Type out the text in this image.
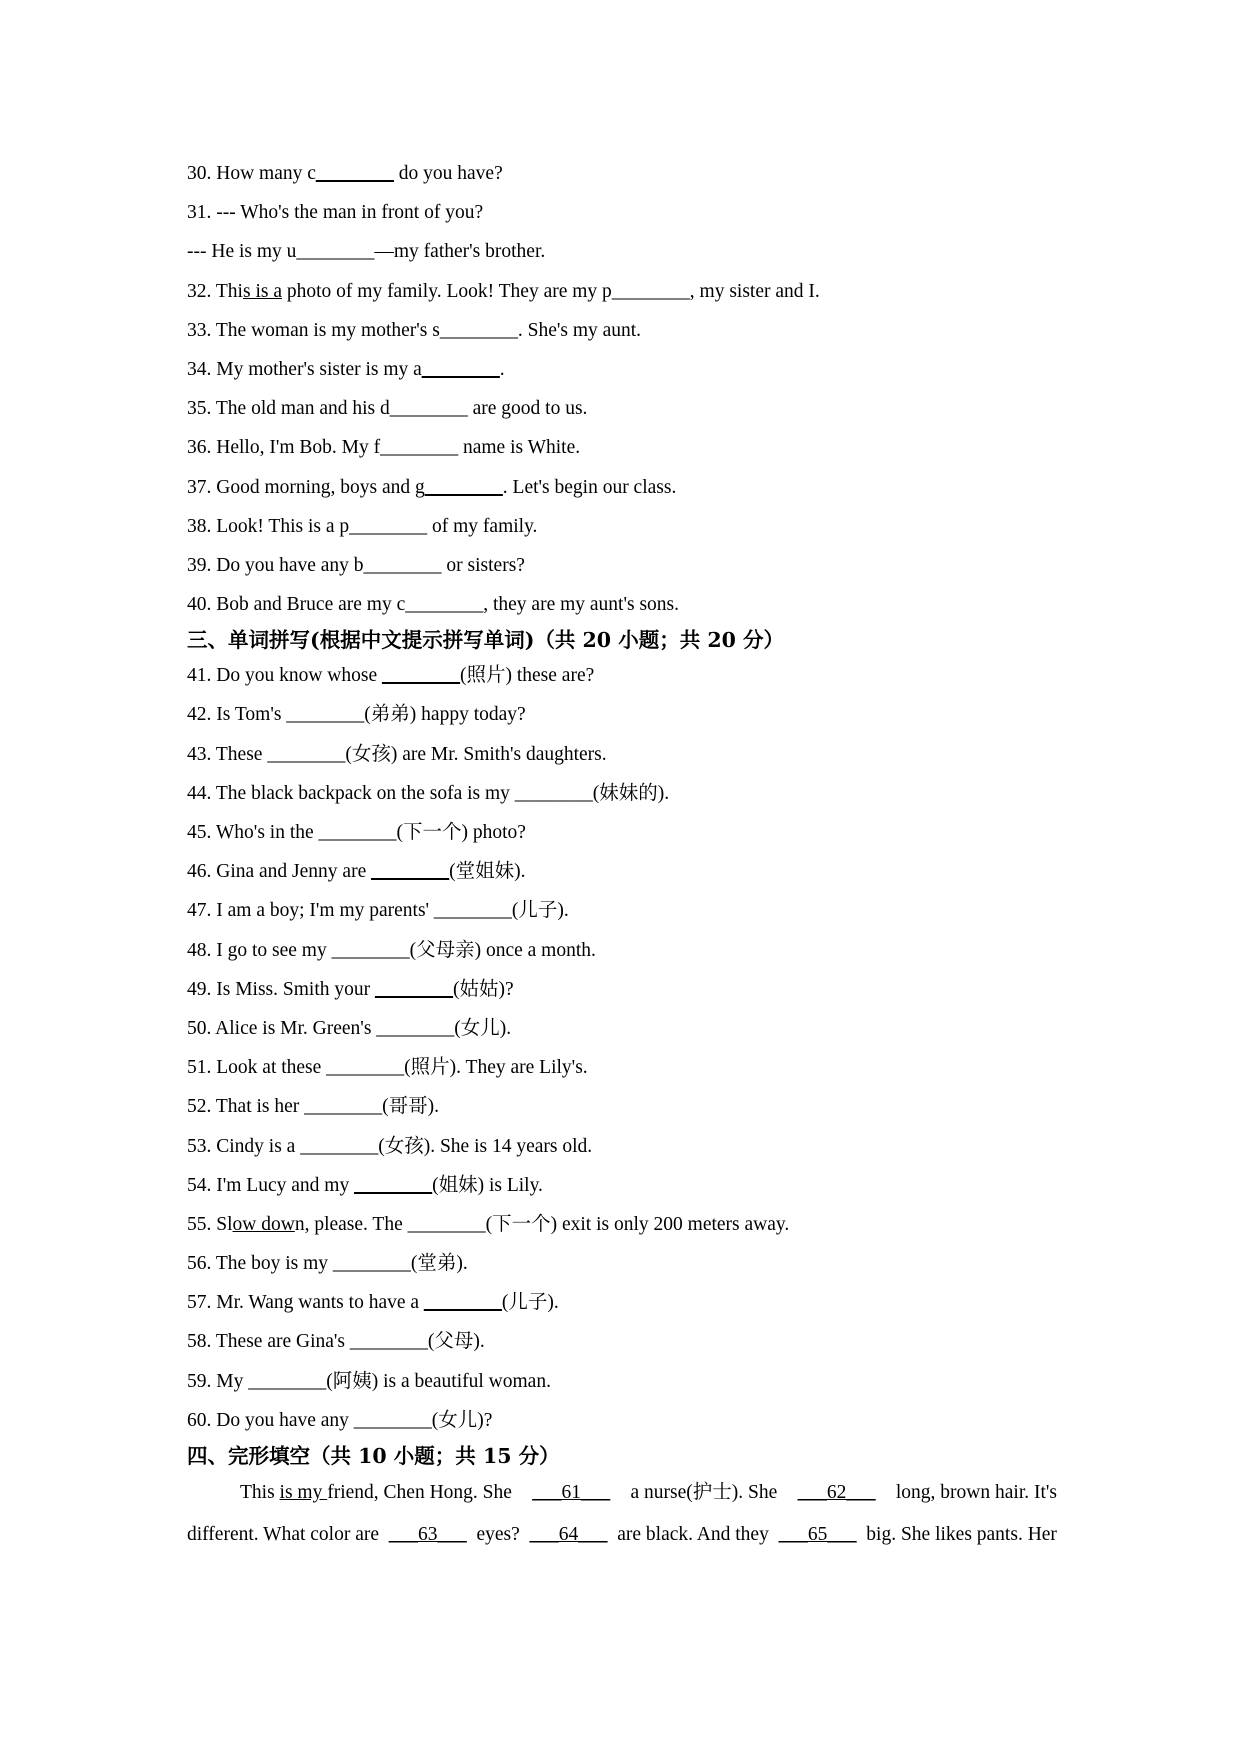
30. How many c________ do you have?
31. --- Who's the man in front of you?
--- He is my u________—my father's brother.
32. This is a photo of my family. Look! They are my p________, my sister and I.
33. The woman is my mother's s________. She's my aunt.
34. My mother's sister is my a________.
35. The old man and his d________ are good to us.
36. Hello, I'm Bob. My f________ name is White.
37. Good morning, boys and g________. Let's begin our class.
38. Look! This is a p________ of my family.
39. Do you have any b________ or sisters?
40. Bob and Bruce are my c________, they are my aunt's sons.
三、单词拼写(根据中文提示拼写单词)（共 20 小题；共 20 分）
41. Do you know whose ________(照片) these are?
42. Is Tom's ________(弟弟) happy today?
43. These ________(女孩) are Mr. Smith's daughters.
44. The black backpack on the sofa is my ________(妹妹的).
45. Who's in the ________(下一个) photo?
46. Gina and Jenny are ________(堂姐妹).
47. I am a boy; I'm my parents' ________(儿子).
48. I go to see my ________(父母亲) once a month.
49. Is Miss. Smith your ________(姑姑)?
50. Alice is Mr. Green's ________(女儿).
51. Look at these ________(照片). They are Lily's.
52. That is her ________(哥哥).
53. Cindy is a ________(女孩). She is 14 years old.
54. I'm Lucy and my ________(姐妹) is Lily.
55. Slow down, please. The ________(下一个) exit is only 200 meters away.
56. The boy is my ________(堂弟).
57. Mr. Wang wants to have a ________(儿子).
58. These are Gina's ________(父母).
59. My ________(阿姨) is a beautiful woman.
60. Do you have any ________(女儿)?
四、完形填空（共 10 小题；共 15 分）
This is my friend, Chen Hong. She ___61___ a nurse(护士). She ___62___ long, brown hair. It's
different. What color are ___63___ eyes? ___64___ are black. And they ___65___ big. She likes pants. Her
